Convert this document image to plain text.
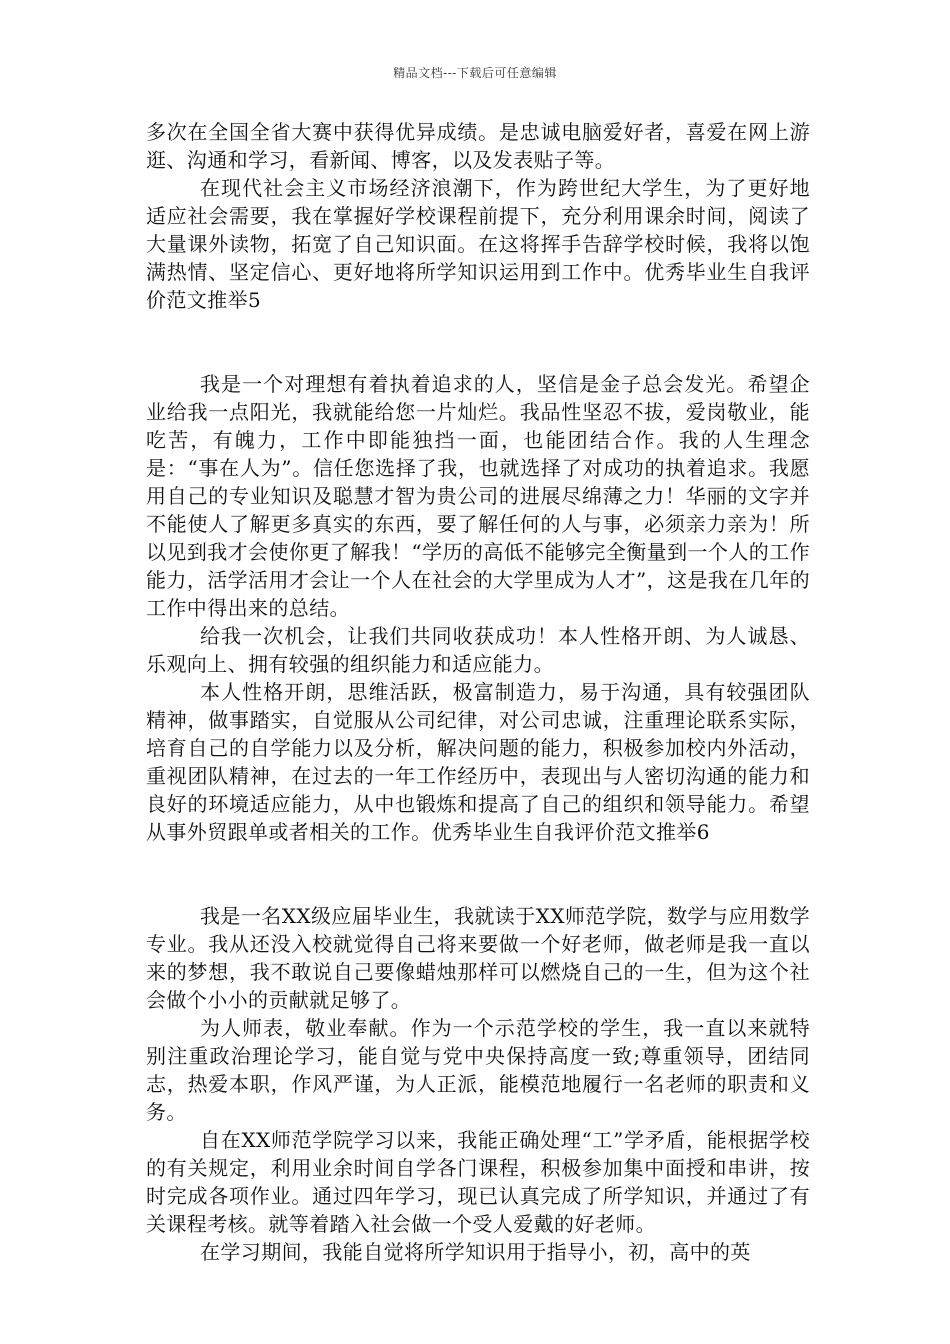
精品文档---下载后可任意编辑

多次在全国全省大赛中获得优异成绩。是忠诚电脑爱好者，喜爱在网上游逛、沟通和学习，看新闻、博客，以及发表贴子等。

在现代社会主义市场经济浪潮下，作为跨世纪大学生，为了更好地适应社会需要，我在掌握好学校课程前提下，充分利用课余时间，阅读了大量课外读物，拓宽了自己知识面。在这将挥手告辞学校时候，我将以饱满热情、坚定信心、更好地将所学知识运用到工作中。优秀毕业生自我评价范文推举5

我是一个对理想有着执着追求的人，坚信是金子总会发光。希望企业给我一点阳光，我就能给您一片灿烂。我品性坚忍不拔，爱岗敬业，能吃苦，有魄力，工作中即能独挡一面，也能团结合作。我的人生理念是：“事在人为”。信任您选择了我，也就选择了对成功的执着追求。我愿用自己的专业知识及聪慧才智为贵公司的进展尽绵薄之力！华丽的文字并不能使人了解更多真实的东西，要了解任何的人与事，必须亲力亲为！所以见到我才会使你更了解我！“学历的高低不能够完全衡量到一个人的工作能力，活学活用才会让一个人在社会的大学里成为人才”，这是我在几年的工作中得出来的总结。

给我一次机会，让我们共同收获成功！本人性格开朗、为人诚恳、乐观向上、拥有较强的组织能力和适应能力。

本人性格开朗，思维活跃，极富制造力，易于沟通，具有较强团队精神，做事踏实，自觉服从公司纪律，对公司忠诚，注重理论联系实际，培育自己的自学能力以及分析，解决问题的能力，积极参加校内外活动，重视团队精神，在过去的一年工作经历中，表现出与人密切沟通的能力和良好的环境适应能力，从中也锻炼和提高了自己的组织和领导能力。希望从事外贸跟单或者相关的工作。优秀毕业生自我评价范文推举6

我是一名XX级应届毕业生，我就读于XX师范学院，数学与应用数学专业。我从还没入校就觉得自己将来要做一个好老师，做老师是我一直以来的梦想，我不敢说自己要像蜡烛那样可以燃烧自己的一生，但为这个社会做个小小的贡献就足够了。

为人师表，敬业奉献。作为一个示范学校的学生，我一直以来就特别注重政治理论学习，能自觉与党中央保持高度一致;尊重领导，团结同志，热爱本职，作风严谨，为人正派，能模范地履行一名老师的职责和义务。

自在XX师范学院学习以来，我能正确处理“工”学矛盾，能根据学校的有关规定，利用业余时间自学各门课程，积极参加集中面授和串讲，按时完成各项作业。通过四年学习，现已认真完成了所学知识，并通过了有关课程考核。就等着踏入社会做一个受人爱戴的好老师。

在学习期间，我能自觉将所学知识用于指导小，初，高中的英
